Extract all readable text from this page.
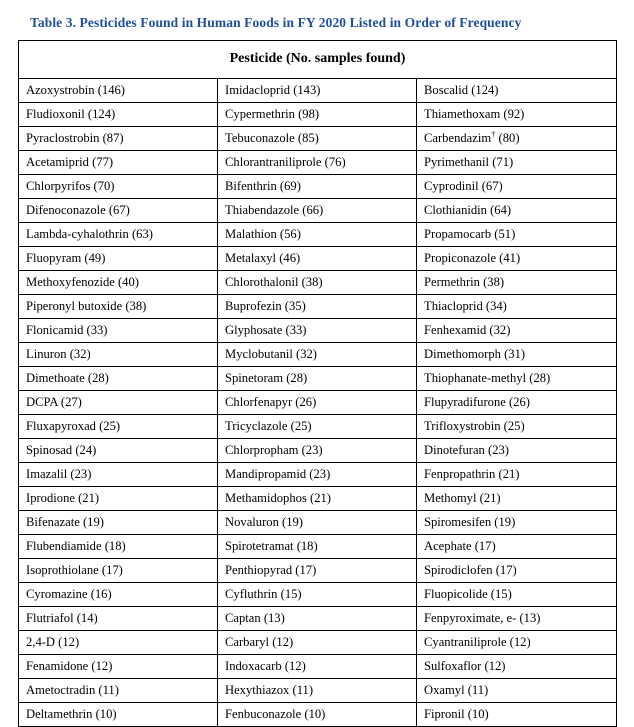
Table 3. Pesticides Found in Human Foods in FY 2020 Listed in Order of Frequency
Pesticide (No. samples found)		
Azoxystrobin (146)	Imidacloprid (143)	Boscalid (124)
Fludioxonil (124)	Cypermethrin (98)	Thiamethoxam (92)
Pyraclostrobin (87)	Tebuconazole (85)	Carbendazim† (80)
Acetamiprid (77)	Chlorantraniliprole (76)	Pyrimethanil (71)
Chlorpyrifos (70)	Bifenthrin (69)	Cyprodinil (67)
Difenoconazole (67)	Thiabendazole (66)	Clothianidin (64)
Lambda-cyhalothrin (63)	Malathion (56)	Propamocarb (51)
Fluopyram (49)	Metalaxyl (46)	Propiconazole (41)
Methoxyfenozide (40)	Chlorothalonil (38)	Permethrin (38)
Piperonyl butoxide (38)	Buprofezin (35)	Thiacloprid (34)
Flonicamid (33)	Glyphosate (33)	Fenhexamid (32)
Linuron (32)	Myclobutanil (32)	Dimethomorph (31)
Dimethoate (28)	Spinetoram (28)	Thiophanate-methyl (28)
DCPA (27)	Chlorfenapyr (26)	Flupyradifurone (26)
Fluxapyroxad (25)	Tricyclazole (25)	Trifloxystrobin (25)
Spinosad (24)	Chlorpropham (23)	Dinotefuran (23)
Imazalil (23)	Mandipropamid (23)	Fenpropathrin (21)
Iprodione (21)	Methamidophos (21)	Methomyl (21)
Bifenazate (19)	Novaluron (19)	Spiromesifen (19)
Flubendiamide (18)	Spirotetramat (18)	Acephate (17)
Isoprothiolane (17)	Penthiopyrad (17)	Spirodiclofen (17)
Cyromazine (16)	Cyfluthrin (15)	Fluopicolide (15)
Flutriafol (14)	Captan (13)	Fenpyroximate, e- (13)
2,4-D (12)	Carbaryl (12)	Cyantraniliprole (12)
Fenamidone (12)	Indoxacarb (12)	Sulfoxaflor (12)
Ametoctradin (11)	Hexythiazox (11)	Oxamyl (11)
Deltamethrin (10)	Fenbuconazole (10)	Fipronil (10)
